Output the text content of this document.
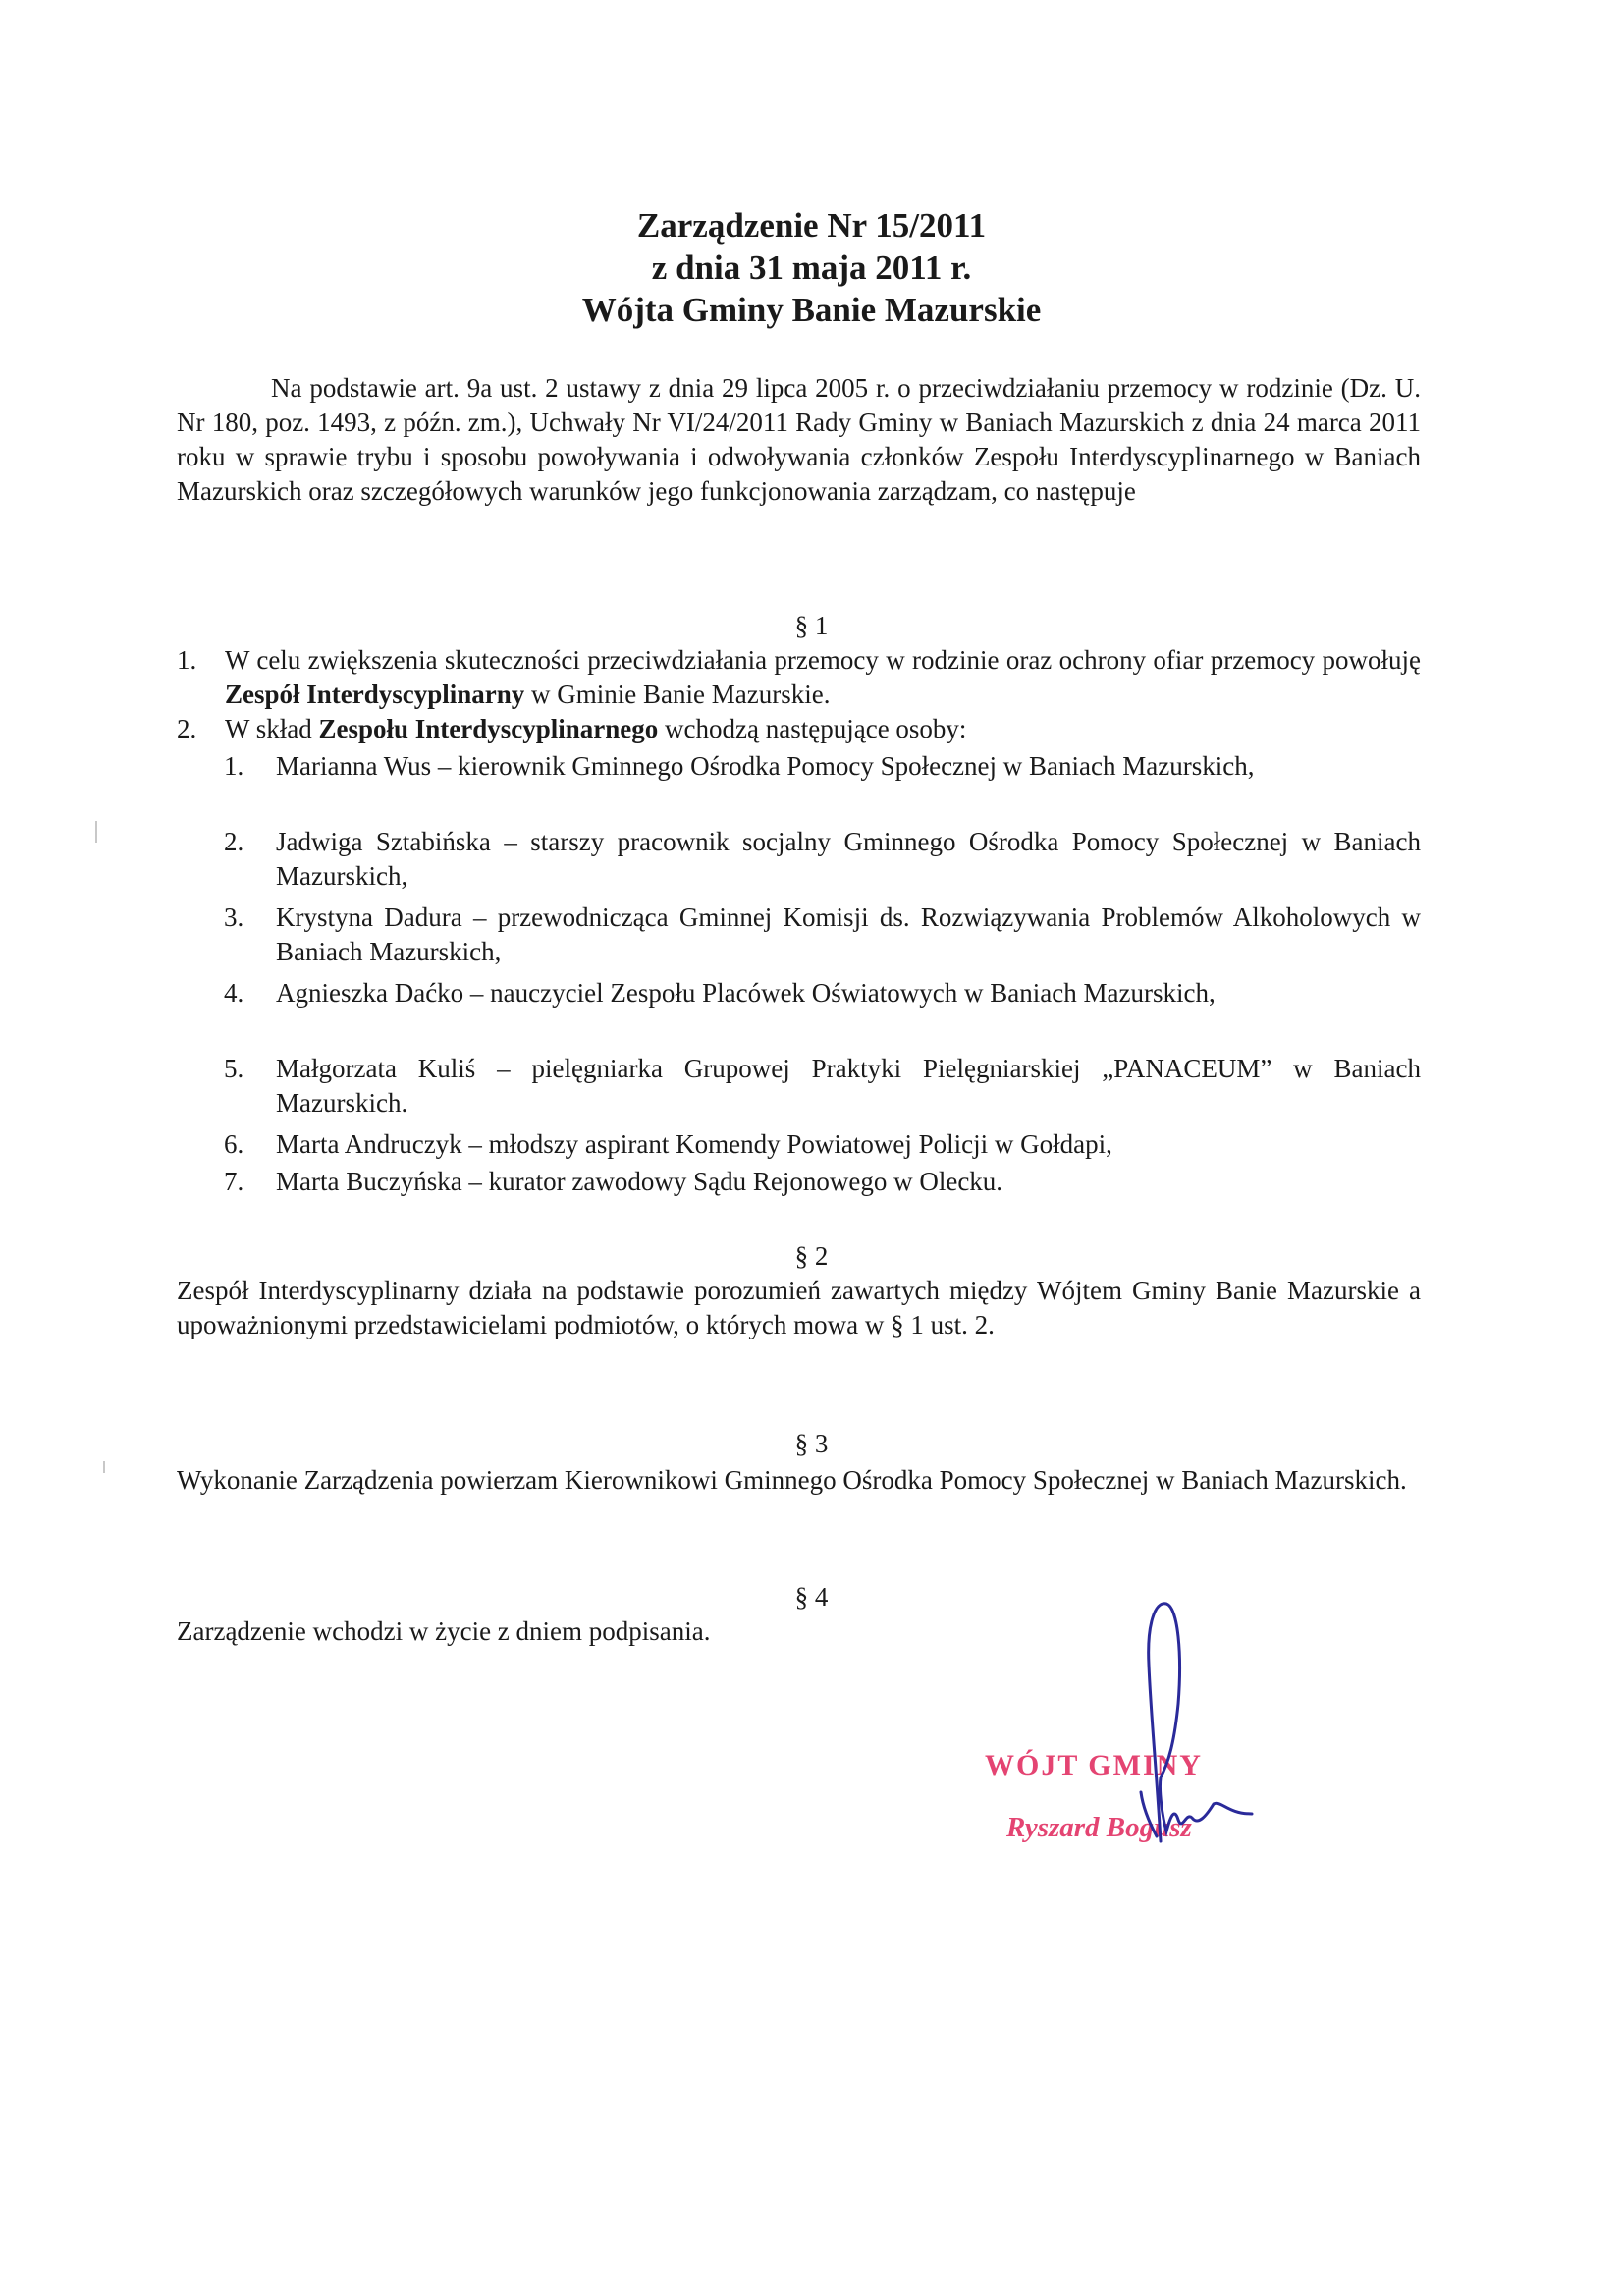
Zarządzenie Nr 15/2011
z dnia 31 maja 2011 r.
Wójta Gminy Banie Mazurskie
Na podstawie art. 9a ust. 2 ustawy z dnia 29 lipca 2005 r. o przeciwdziałaniu przemocy w rodzinie (Dz. U. Nr 180, poz. 1493, z późn. zm.), Uchwały Nr VI/24/2011 Rady Gminy w Baniach Mazurskich z dnia 24 marca 2011 roku w sprawie trybu i sposobu powoływania i odwoływania członków Zespołu Interdyscyplinarnego w Baniach Mazurskich oraz szczegółowych warunków jego funkcjonowania zarządzam, co następuje
§ 1
1. W celu zwiększenia skuteczności przeciwdziałania przemocy w rodzinie oraz ochrony ofiar przemocy powołuję Zespół Interdyscyplinarny w Gminie Banie Mazurskie.
2. W skład Zespołu Interdyscyplinarnego wchodzą następujące osoby:
1. Marianna Wus – kierownik Gminnego Ośrodka Pomocy Społecznej w Baniach Mazurskich,
2. Jadwiga Sztabińska – starszy pracownik socjalny Gminnego Ośrodka Pomocy Społecznej w Baniach Mazurskich,
3. Krystyna Dadura – przewodnicząca Gminnej Komisji ds. Rozwiązywania Problemów Alkoholowych w Baniach Mazurskich,
4. Agnieszka Daćko – nauczyciel Zespołu Placówek Oświatowych w Baniach Mazurskich,
5. Małgorzata Kuliś – pielęgniarka Grupowej Praktyki Pielęgniarskiej „PANACEUM” w Baniach Mazurskich.
6. Marta Andruczyk – młodszy aspirant Komendy Powiatowej Policji w Gołdapi,
7. Marta Buczyńska – kurator zawodowy Sądu Rejonowego w Olecku.
§ 2
Zespół Interdyscyplinarny działa na podstawie porozumień zawartych między Wójtem Gminy Banie Mazurskie a upoważnionymi przedstawicielami podmiotów, o których mowa w § 1 ust. 2.
§ 3
Wykonanie Zarządzenia powierzam Kierownikowi Gminnego Ośrodka Pomocy Społecznej w Baniach Mazurskich.
§ 4
Zarządzenie wchodzi w życie z dniem podpisania.
WÓJT GMINY
Ryszard Bogusz
